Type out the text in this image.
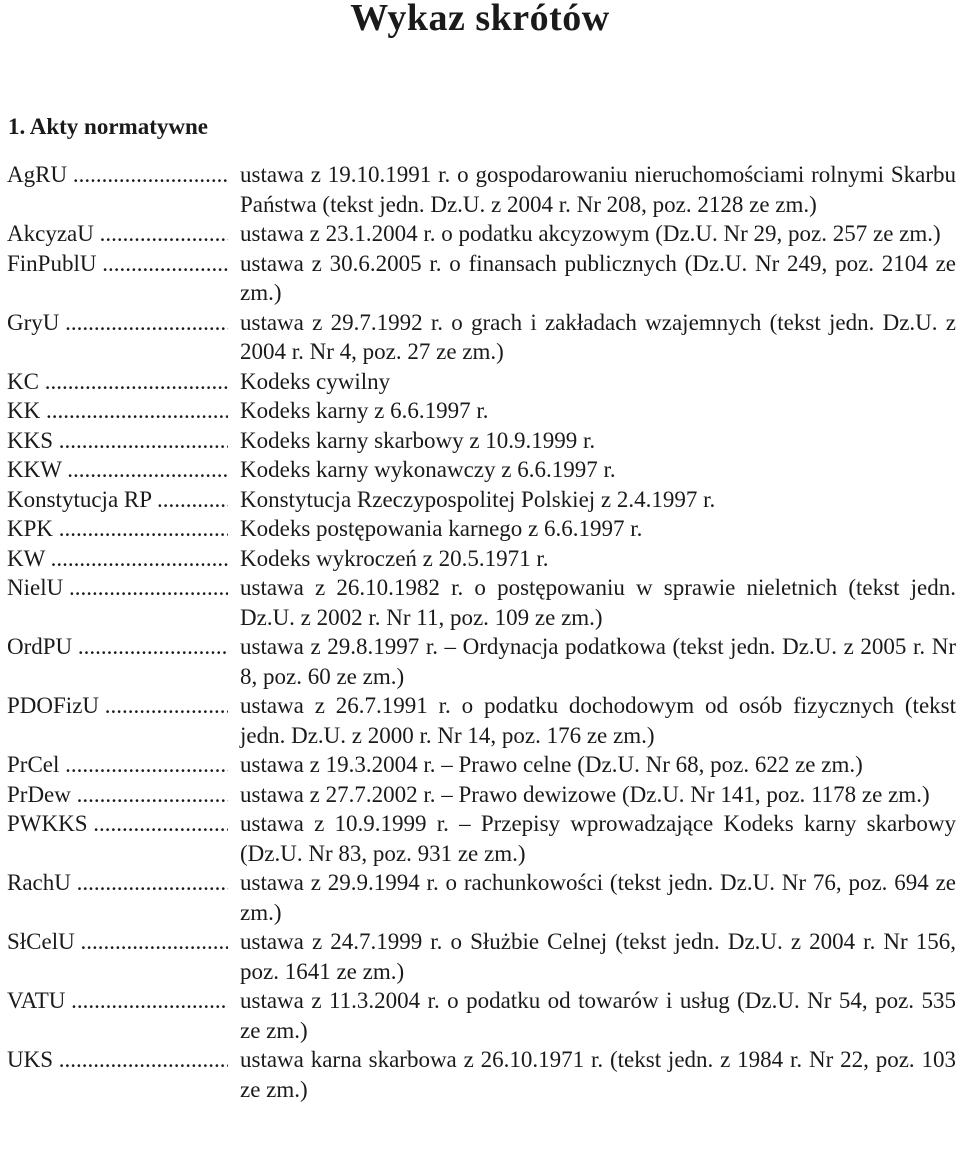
Wykaz skrótów
1. Akty normatywne
AgRU .....	ustawa z 19.10.1991 r. o gospodarowaniu nieruchomościami rolnymi Skarbu Państwa (tekst jedn. Dz.U. z 2004 r. Nr 208, poz. 2128 ze zm.)
AkcyzaU .....	ustawa z 23.1.2004 r. o podatku akcyzowym (Dz.U. Nr 29, poz. 257 ze zm.)
FinPublU .....	ustawa z 30.6.2005 r. o finansach publicznych (Dz.U. Nr 249, poz. 2104 ze zm.)
GryU .....	ustawa z 29.7.1992 r. o grach i zakładach wzajemnych (tekst jedn. Dz.U. z 2004 r. Nr 4, poz. 27 ze zm.)
KC .....	Kodeks cywilny
KK .....	Kodeks karny z 6.6.1997 r.
KKS .....	Kodeks karny skarbowy z 10.9.1999 r.
KKW .....	Kodeks karny wykonawczy z 6.6.1997 r.
Konstytucja RP .....	Konstytucja Rzeczypospolitej Polskiej z 2.4.1997 r.
KPK .....	Kodeks postępowania karnego z 6.6.1997 r.
KW .....	Kodeks wykroczeń z 20.5.1971 r.
NielU .....	ustawa z 26.10.1982 r. o postępowaniu w sprawie nieletnich (tekst jedn. Dz.U. z 2002 r. Nr 11, poz. 109 ze zm.)
OrdPU .....	ustawa z 29.8.1997 r. – Ordynacja podatkowa (tekst jedn. Dz.U. z 2005 r. Nr 8, poz. 60 ze zm.)
PDOFizU .....	ustawa z 26.7.1991 r. o podatku dochodowym od osób fizycznych (tekst jedn. Dz.U. z 2000 r. Nr 14, poz. 176 ze zm.)
PrCel .....	ustawa z 19.3.2004 r. – Prawo celne (Dz.U. Nr 68, poz. 622 ze zm.)
PrDew .....	ustawa z 27.7.2002 r. – Prawo dewizowe (Dz.U. Nr 141, poz. 1178 ze zm.)
PWKKS .....	ustawa z 10.9.1999 r. – Przepisy wprowadzające Kodeks karny skarbowy (Dz.U. Nr 83, poz. 931 ze zm.)
RachU .....	ustawa z 29.9.1994 r. o rachunkowości (tekst jedn. Dz.U. Nr 76, poz. 694 ze zm.)
SłCelU .....	ustawa z 24.7.1999 r. o Służbie Celnej (tekst jedn. Dz.U. z 2004 r. Nr 156, poz. 1641 ze zm.)
VATU .....	ustawa z 11.3.2004 r. o podatku od towarów i usług (Dz.U. Nr 54, poz. 535 ze zm.)
UKS .....	ustawa karna skarbowa z 26.10.1971 r. (tekst jedn. z 1984 r. Nr 22, poz. 103 ze zm.)
